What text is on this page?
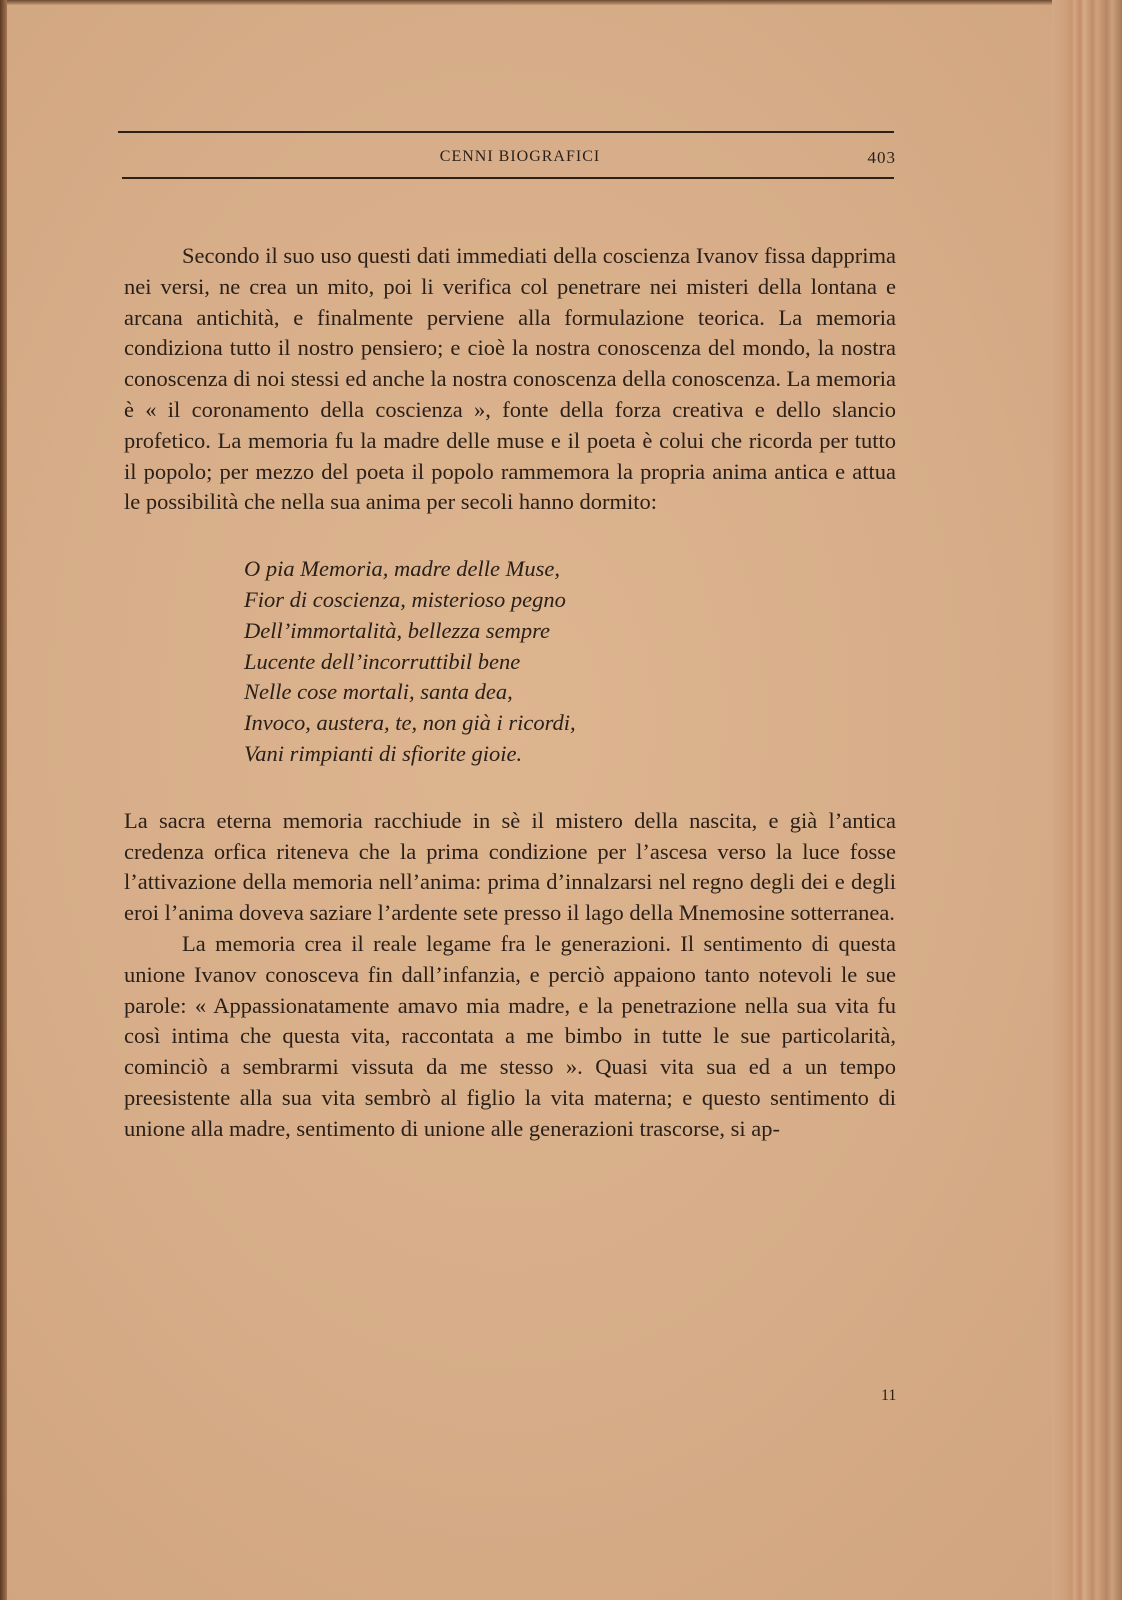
CENNI BIOGRAFICI	403

Secondo il suo uso questi dati immediati della coscienza Ivanov fissa dapprima nei versi, ne crea un mito, poi li verifica col penetrare nei misteri della lontana e arcana antichità, e finalmente perviene alla formulazione teorica. La memoria condiziona tutto il nostro pensiero; e cioè la nostra conoscenza del mondo, la nostra conoscenza di noi stessi ed anche la nostra conoscenza della conoscenza. La memoria è « il coronamento della coscienza », fonte della forza creativa e dello slancio profetico. La memoria fu la madre delle muse e il poeta è colui che ricorda per tutto il popolo; per mezzo del poeta il popolo rammemora la propria anima antica e attua le possibilità che nella sua anima per secoli hanno dormito:

O pia Memoria, madre delle Muse,
Fior di coscienza, misterioso pegno
Dell’immortalità, bellezza sempre
Lucente dell’incorruttibil bene
Nelle cose mortali, santa dea,
Invoco, austera, te, non già i ricordi,
Vani rimpianti di sfiorite gioie.

La sacra eterna memoria racchiude in sè il mistero della nascita, e già l’antica credenza orfica riteneva che la prima condizione per l’ascesa verso la luce fosse l’attivazione della memoria nell’anima: prima d’innalzarsi nel regno degli dei e degli eroi l’anima doveva saziare l’ardente sete presso il lago della Mnemosine sotterranea.

La memoria crea il reale legame fra le generazioni. Il sentimento di questa unione Ivanov conosceva fin dall’infanzia, e perciò appaiono tanto notevoli le sue parole: « Appassionatamente amavo mia madre, e la penetrazione nella sua vita fu così intima che questa vita, raccontata a me bimbo in tutte le sue particolarità, cominciò a sembrarmi vissuta da me stesso ». Quasi vita sua ed a un tempo preesistente alla sua vita sembrò al figlio la vita materna; e questo sentimento di unione alla madre, sentimento di unione alle generazioni trascorse, si ap-

11
